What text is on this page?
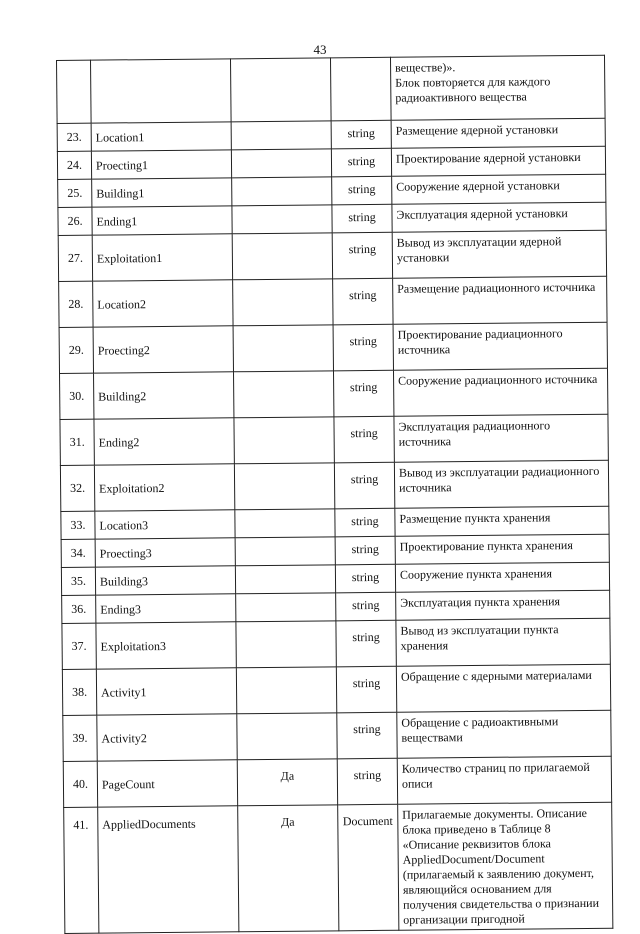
43
				веществе)».
Блок повторяется для каждого радиоактивного вещества
23.	Location1		string	Размещение ядерной установки
24.	Proecting1		string	Проектирование ядерной установки
25.	Building1		string	Сооружение ядерной установки
26.	Ending1		string	Эксплуатация ядерной установки
27.	Exploitation1		string	Вывод из эксплуатации ядерной установки
28.	Location2		string	Размещение радиационного источника
29.	Proecting2		string	Проектирование радиационного источника
30.	Building2		string	Сооружение радиационного источника
31.	Ending2		string	Эксплуатация радиационного источника
32.	Exploitation2		string	Вывод из эксплуатации радиационного источника
33.	Location3		string	Размещение пункта хранения
34.	Proecting3		string	Проектирование пункта хранения
35.	Building3		string	Сооружение пункта хранения
36.	Ending3		string	Эксплуатация пункта хранения
37.	Exploitation3		string	Вывод из эксплуатации пункта хранения
38.	Activity1		string	Обращение с ядерными материалами
39.	Activity2		string	Обращение с радиоактивными веществами
40.	PageCount	Да	string	Количество страниц по прилагаемой описи
41.	AppliedDocuments	Да	Document	Прилагаемые документы. Описание блока приведено в Таблице 8 «Описание реквизитов блока AppliedDocument/Document (прилагаемый к заявлению документ, являющийся основанием для получения свидетельства о признании организации пригодной
